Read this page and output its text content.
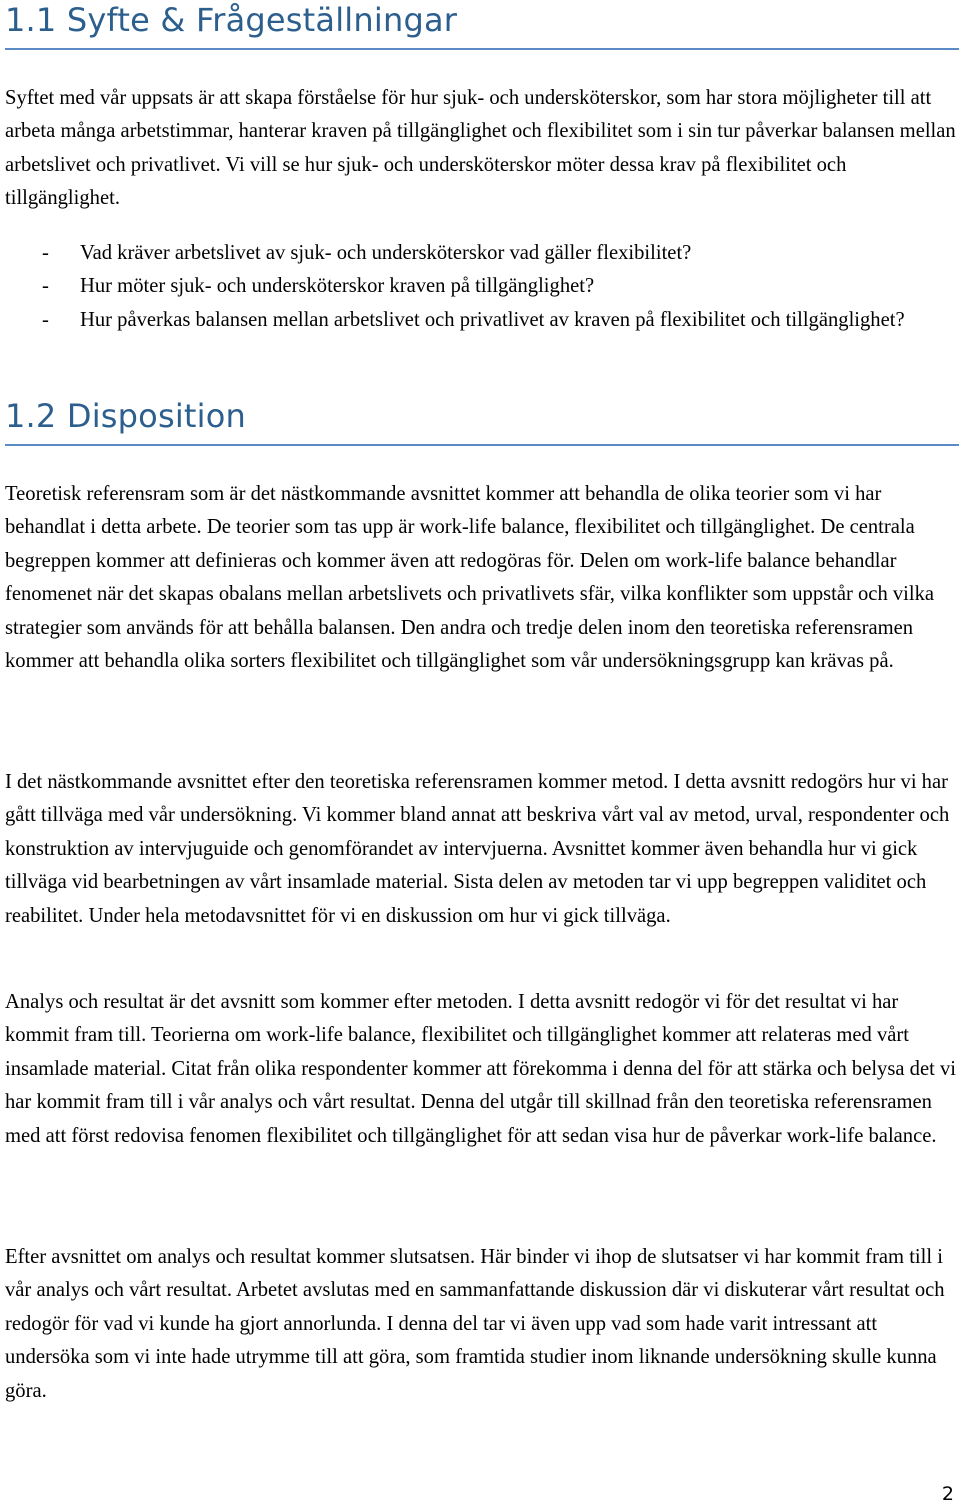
1.1 Syfte & Frågeställningar

Syftet med vår uppsats är att skapa förståelse för hur sjuk- och undersköterskor, som har stora möjligheter till att arbeta många arbetstimmar, hanterar kraven på tillgänglighet och flexibilitet som i sin tur påverkar balansen mellan arbetslivet och privatlivet. Vi vill se hur sjuk- och undersköterskor möter dessa krav på flexibilitet och tillgänglighet.

- Vad kräver arbetslivet av sjuk- och undersköterskor vad gäller flexibilitet?
- Hur möter sjuk- och undersköterskor kraven på tillgänglighet?
- Hur påverkas balansen mellan arbetslivet och privatlivet av kraven på flexibilitet och tillgänglighet?
1.2 Disposition

Teoretisk referensram som är det nästkommande avsnittet kommer att behandla de olika teorier som vi har behandlat i detta arbete. De teorier som tas upp är work-life balance, flexibilitet och tillgänglighet. De centrala begreppen kommer att definieras och kommer även att redogöras för. Delen om work-life balance behandlar fenomenet när det skapas obalans mellan arbetslivets och privatlivets sfär, vilka konflikter som uppstår och vilka strategier som används för att behålla balansen. Den andra och tredje delen inom den teoretiska referensramen kommer att behandla olika sorters flexibilitet och tillgänglighet som vår undersökningsgrupp kan krävas på.

I det nästkommande avsnittet efter den teoretiska referensramen kommer metod. I detta avsnitt redogörs hur vi har gått tillväga med vår undersökning. Vi kommer bland annat att beskriva vårt val av metod, urval, respondenter och konstruktion av intervjuguide och genomförandet av intervjuerna. Avsnittet kommer även behandla hur vi gick tillväga vid bearbetningen av vårt insamlade material. Sista delen av metoden tar vi upp begreppen validitet och reabilitet. Under hela metodavsnittet för vi en diskussion om hur vi gick tillväga.

Analys och resultat är det avsnitt som kommer efter metoden. I detta avsnitt redogör vi för det resultat vi har kommit fram till. Teorierna om work-life balance, flexibilitet och tillgänglighet kommer att relateras med vårt insamlade material. Citat från olika respondenter kommer att förekomma i denna del för att stärka och belysa det vi har kommit fram till i vår analys och vårt resultat. Denna del utgår till skillnad från den teoretiska referensramen med att först redovisa fenomen flexibilitet och tillgänglighet för att sedan visa hur de påverkar work-life balance.

Efter avsnittet om analys och resultat kommer slutsatsen. Här binder vi ihop de slutsatser vi har kommit fram till i vår analys och vårt resultat. Arbetet avslutas med en sammanfattande diskussion där vi diskuterar vårt resultat och redogör för vad vi kunde ha gjort annorlunda. I denna del tar vi även upp vad som hade varit intressant att undersöka som vi inte hade utrymme till att göra, som framtida studier inom liknande undersökning skulle kunna göra.

2
